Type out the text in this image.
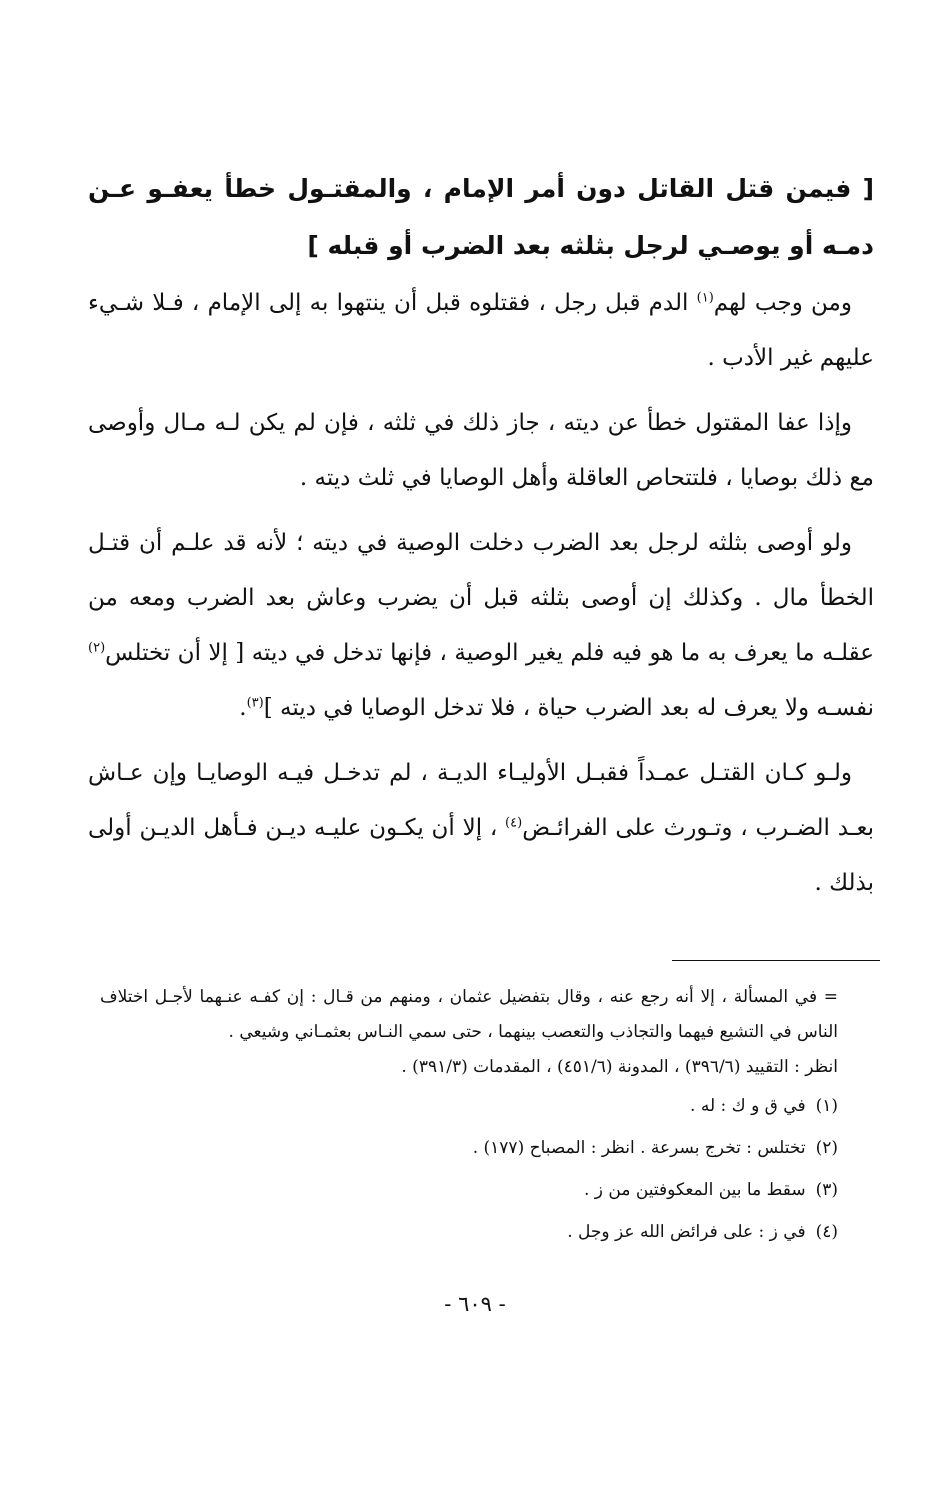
[ فيمن قتل القاتل دون أمر الإمام ، والمقتـول خطأ يعفـو عـن دمـه أو يوصـي لرجل بثلثه بعد الضرب أو قبله ]

ومن وجب لهم$^{(١)}$ الدم قبل رجل ، فقتلوه قبل أن ينتهوا به إلى الإمام ، فـلا شـيء عليهم غير الأدب .

وإذا عفا المقتول خطأ عن ديته ، جاز ذلك في ثلثه ، فإن لم يكن لـه مـال وأوصى مع ذلك بوصايا ، فلتتحاص العاقلة وأهل الوصايا في ثلث ديته .

ولو أوصى بثلثه لرجل بعد الضرب دخلت الوصية في ديته ؛ لأنه قد علـم أن قتـل الخطأ مال . وكذلك إن أوصى بثلثه قبل أن يضرب وعاش بعد الضرب ومعه من عقلـه ما يعرف به ما هو فيه فلم يغير الوصية ، فإنها تدخل في ديته [ إلا أن تختلس$^{(٢)}$ نفسـه ولا يعرف له بعد الضرب حياة ، فلا تدخل الوصايا في ديته ]$^{(٣)}$.

ولـو كـان القتـل عمـداً فقبـل الأوليـاء الديـة ، لم تدخـل فيـه الوصايـا وإن عـاش بعـد الضـرب ، وتـورث على الفرائـض$^{(٤)}$ ، إلا أن يكـون عليـه ديـن فـأهل الديـن أولى بذلك .

= في المسألة ، إلا أنه رجع عنه ، وقال بتفضيل عثمان ، ومنهم من قـال : إن كفـه عنـهما لأجـل اختلاف الناس في التشيع فيهما والتجاذب والتعصب بينهما ، حتى سمي النـاس بعثمـاني وشيعي .

انظر : التقييد (٣٩٦/٦) ، المدونة (٤٥١/٦) ، المقدمات (٣٩١/٣) .

(١)في ق و ك : له .
(٢)تختلس : تخرج بسرعة . انظر : المصباح (١٧٧) .
(٣)سقط ما بين المعكوفتين من ز .
(٤)في ز : على فرائض الله عز وجل .
- ٦٠٩ -
